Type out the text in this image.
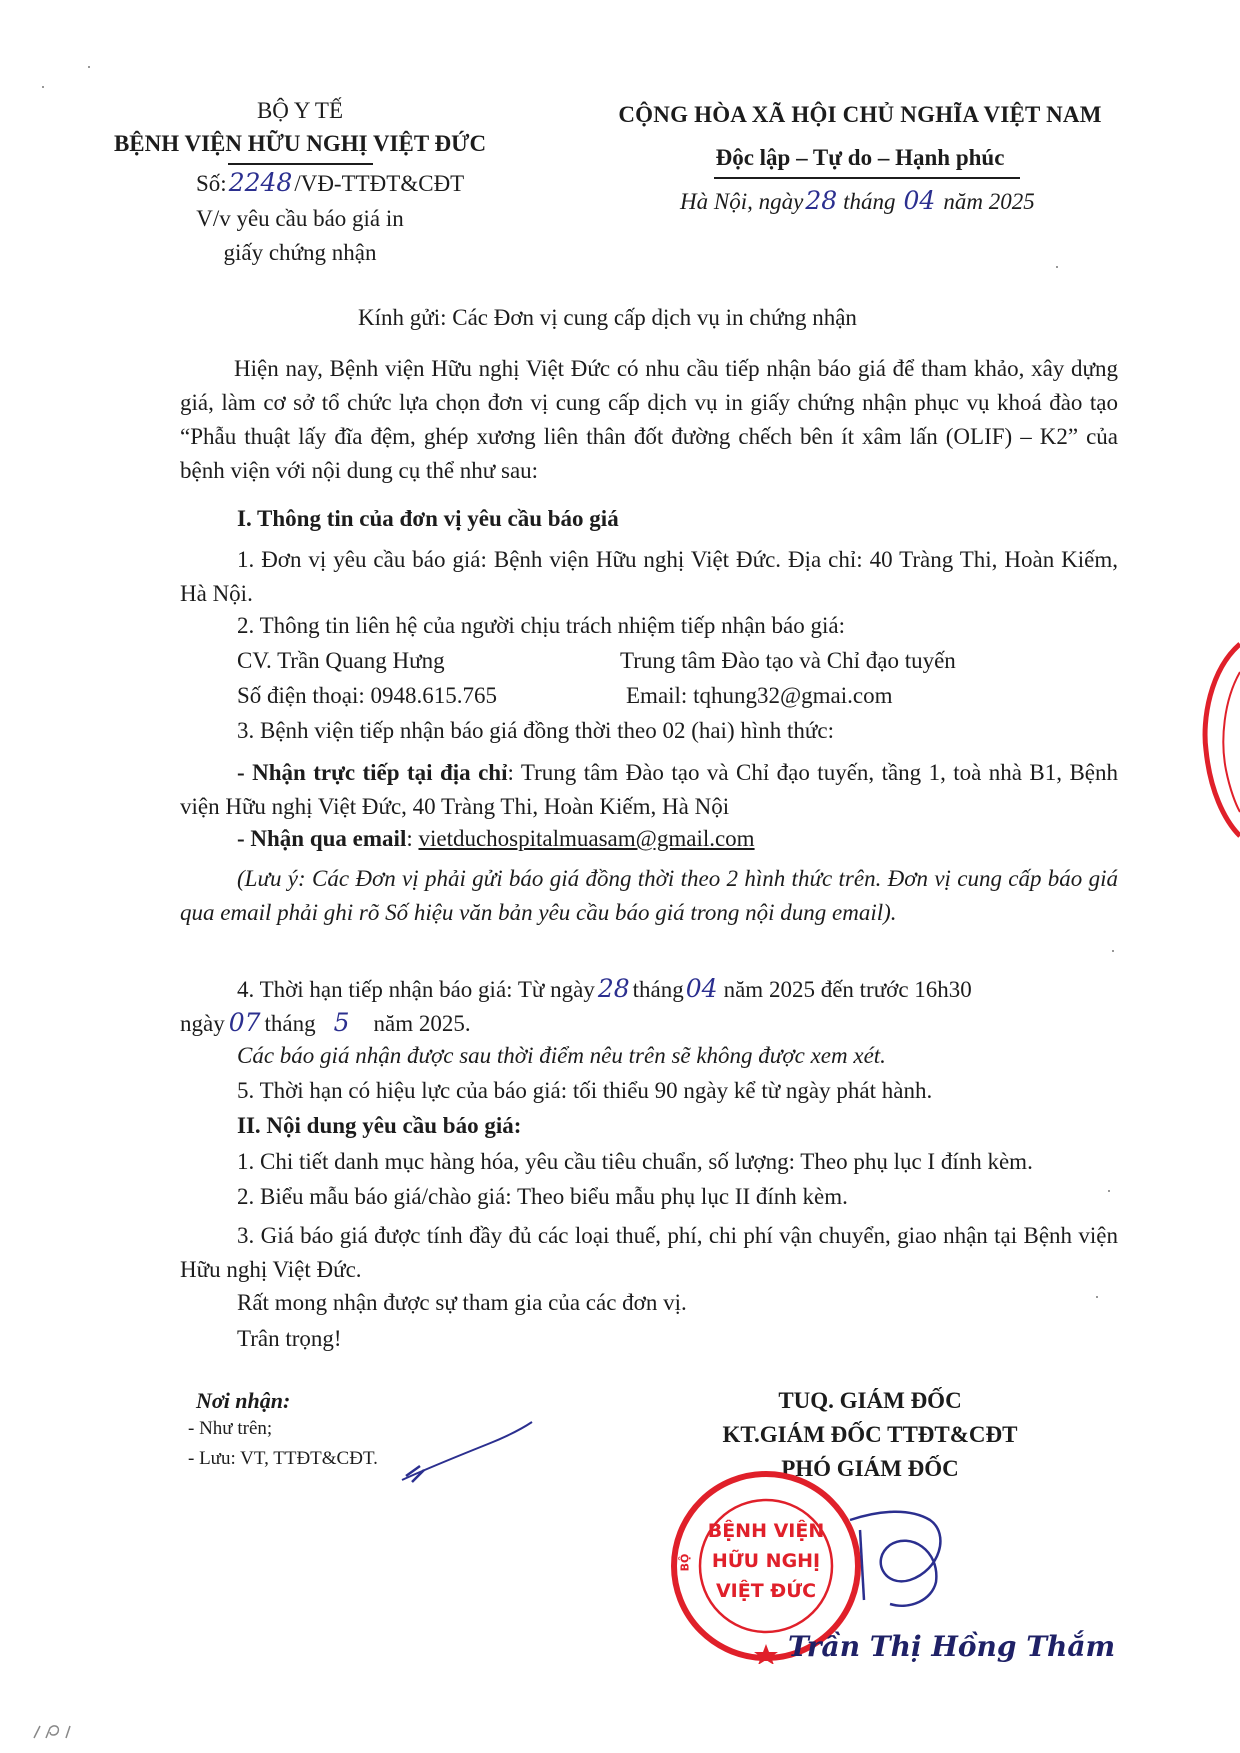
BỘ Y TẾ
BỆNH VIỆN HỮU NGHỊ VIỆT ĐỨC
Số:2248/VĐ-TTĐT&CĐT
V/v yêu cầu báo giá in
giấy chứng nhận
CỘNG HÒA XÃ HỘI CHỦ NGHĨA VIỆT NAM
Độc lập – Tự do – Hạnh phúc
Hà Nội, ngày28 tháng 04 năm 2025
Kính gửi: Các Đơn vị cung cấp dịch vụ in chứng nhận

Hiện nay, Bệnh viện Hữu nghị Việt Đức có nhu cầu tiếp nhận báo giá để tham khảo, xây dựng giá, làm cơ sở tổ chức lựa chọn đơn vị cung cấp dịch vụ in giấy chứng nhận phục vụ khoá đào tạo “Phẫu thuật lấy đĩa đệm, ghép xương liên thân đốt đường chếch bên ít xâm lấn (OLIF) – K2” của bệnh viện với nội dung cụ thể như sau:

I. Thông tin của đơn vị yêu cầu báo giá

1. Đơn vị yêu cầu báo giá: Bệnh viện Hữu nghị Việt Đức. Địa chỉ: 40 Tràng Thi, Hoàn Kiếm, Hà Nội.

2. Thông tin liên hệ của người chịu trách nhiệm tiếp nhận báo giá:
CV. Trần Quang Hưng	Trung tâm Đào tạo và Chỉ đạo tuyến
Số điện thoại: 0948.615.765	Email: tqhung32@gmai.com
3. Bệnh viện tiếp nhận báo giá đồng thời theo 02 (hai) hình thức:

- Nhận trực tiếp tại địa chỉ: Trung tâm Đào tạo và Chỉ đạo tuyến, tầng 1, toà nhà B1, Bệnh viện Hữu nghị Việt Đức, 40 Tràng Thi, Hoàn Kiếm, Hà Nội

- Nhận qua email: vietduchospitalmuasam@gmail.com

(Lưu ý: Các Đơn vị phải gửi báo giá đồng thời theo 2 hình thức trên. Đơn vị cung cấp báo giá qua email phải ghi rõ Số hiệu văn bản yêu cầu báo giá trong nội dung email).

4. Thời hạn tiếp nhận báo giá: Từ ngày 28 tháng04 năm 2025 đến trước 16h30
ngày 07 tháng 5 năm 2025.
Các báo giá nhận được sau thời điểm nêu trên sẽ không được xem xét.
5. Thời hạn có hiệu lực của báo giá: tối thiểu 90 ngày kể từ ngày phát hành.
II. Nội dung yêu cầu báo giá:
1. Chi tiết danh mục hàng hóa, yêu cầu tiêu chuẩn, số lượng: Theo phụ lục I đính kèm.
2. Biểu mẫu báo giá/chào giá: Theo biểu mẫu phụ lục II đính kèm.

3. Giá báo giá được tính đầy đủ các loại thuế, phí, chi phí vận chuyển, giao nhận tại Bệnh viện Hữu nghị Việt Đức.

Rất mong nhận được sự tham gia của các đơn vị.
Trân trọng!
Nơi nhận:
- Như trên;
- Lưu: VT, TTĐT&CĐT.
TUQ. GIÁM ĐỐC
KT.GIÁM ĐỐC TTĐT&CĐT
PHÓ GIÁM ĐỐC
BỘ
BỆNH VIỆN
HỮU NGHỊ
VIỆT ĐỨC
Trần Thị Hồng Thắm
